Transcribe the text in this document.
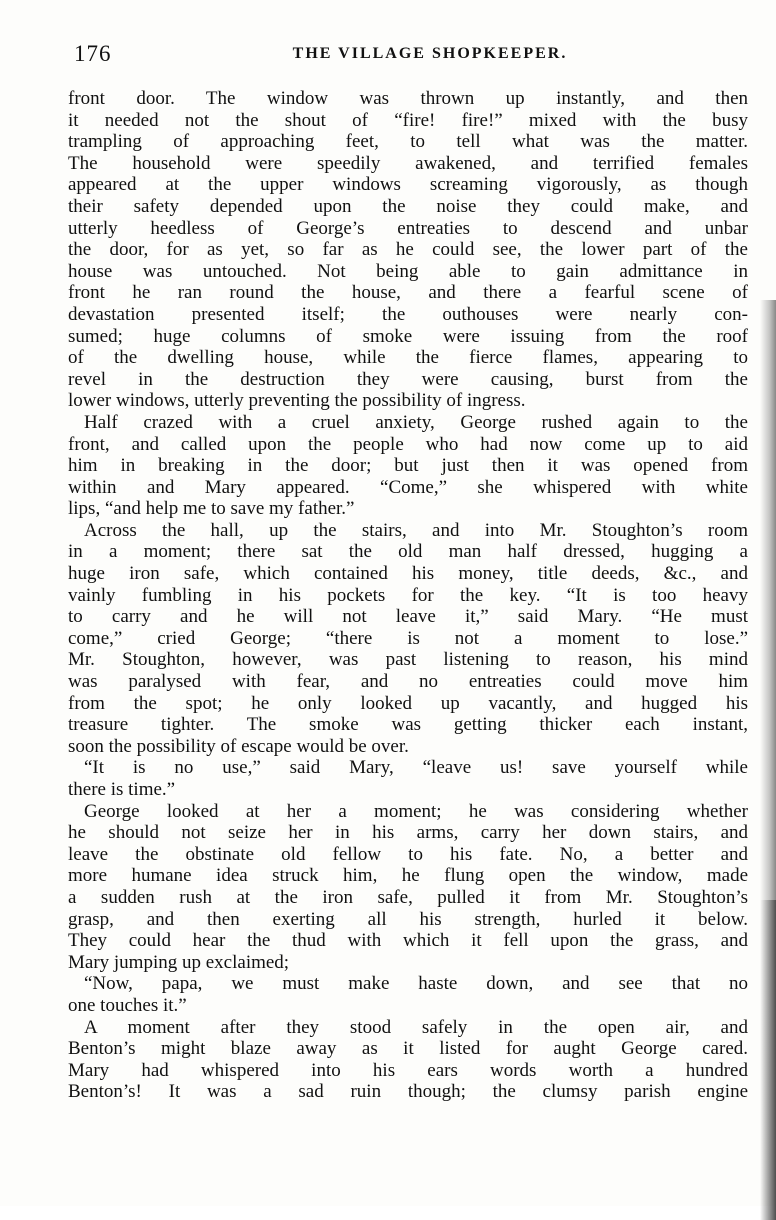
176	THE VILLAGE SHOPKEEPER.
front door. The window was thrown up instantly, and then
it needed not the shout of “fire! fire!” mixed with the busy
trampling of approaching feet, to tell what was the matter.
The household were speedily awakened, and terrified females
appeared at the upper windows screaming vigorously, as though
their safety depended upon the noise they could make, and
utterly heedless of George’s entreaties to descend and unbar
the door, for as yet, so far as he could see, the lower part of the
house was untouched. Not being able to gain admittance in
front he ran round the house, and there a fearful scene of
devastation presented itself; the outhouses were nearly con-
sumed; huge columns of smoke were issuing from the roof
of the dwelling house, while the fierce flames, appearing to
revel in the destruction they were causing, burst from the
lower windows, utterly preventing the possibility of ingress.
Half crazed with a cruel anxiety, George rushed again to the
front, and called upon the people who had now come up to aid
him in breaking in the door; but just then it was opened from
within and Mary appeared. “Come,” she whispered with white
lips, “and help me to save my father.”
Across the hall, up the stairs, and into Mr. Stoughton’s room
in a moment; there sat the old man half dressed, hugging a
huge iron safe, which contained his money, title deeds, &c., and
vainly fumbling in his pockets for the key. “It is too heavy
to carry and he will not leave it,” said Mary. “He must
come,” cried George; “there is not a moment to lose.”
Mr. Stoughton, however, was past listening to reason, his mind
was paralysed with fear, and no entreaties could move him
from the spot; he only looked up vacantly, and hugged his
treasure tighter. The smoke was getting thicker each instant,
soon the possibility of escape would be over.
“It is no use,” said Mary, “leave us! save yourself while
there is time.”
George looked at her a moment; he was considering whether
he should not seize her in his arms, carry her down stairs, and
leave the obstinate old fellow to his fate. No, a better and
more humane idea struck him, he flung open the window, made
a sudden rush at the iron safe, pulled it from Mr. Stoughton’s
grasp, and then exerting all his strength, hurled it below.
They could hear the thud with which it fell upon the grass, and
Mary jumping up exclaimed;
“Now, papa, we must make haste down, and see that no
one touches it.”
A moment after they stood safely in the open air, and
Benton’s might blaze away as it listed for aught George cared.
Mary had whispered into his ears words worth a hundred
Benton’s! It was a sad ruin though; the clumsy parish engine
